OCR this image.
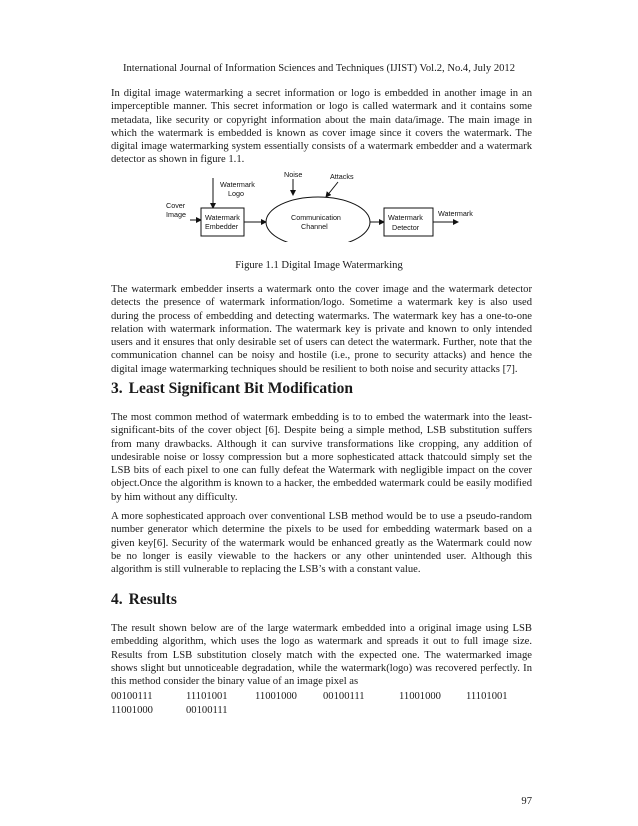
International Journal of Information Sciences and Techniques (IJIST) Vol.2, No.4, July 2012

In digital image watermarking a secret information or logo is embedded in another image in an imperceptible manner. This secret information or logo is called watermark and it contains some metadata, like security or copyright information about the main data/image. The main image in which the watermark is embedded is known as cover image since it covers the watermark. The digital image watermarking system essentially consists of a watermark embedder and a watermark detector as shown in figure 1.1.

Noise	Attacks
Watermark
Logo
Cover
Image	Watermark
Embedder
Communication
Channel
Watermark
Detector
Watermark
Figure 1.1 Digital Image Watermarking

The watermark embedder inserts a watermark onto the cover image and the watermark detector detects the presence of watermark information/logo. Sometime a watermark key is also used during the process of embedding and detecting watermarks. The watermark key has a one-to-one relation with watermark information. The watermark key is private and known to only intended users and it ensures that only desirable set of users can detect the watermark. Further, note that the communication channel can be noisy and hostile (i.e., prone to security attacks) and hence the digital image watermarking techniques should be resilient to both noise and security attacks [7].

3. Least Significant Bit Modification

The most common method of watermark embedding is to to embed the watermark into the least-significant-bits of the cover object [6]. Despite being a simple method, LSB substitution suffers from many drawbacks. Although it can survive transformations like cropping, any addition of undesirable noise or lossy compression but a more sophesticated attack thatcould simply set the LSB bits of each pixel to one can fully defeat the Watermark with negligible impact on the cover object.Once the algorithm is known to a hacker, the embedded watermark could be easily modified by him without any difficulty.

A more sophesticated approach over conventional LSB method would be to use a pseudo-random number generator which determine the pixels to be used for embedding watermark based on a given key[6]. Security of the watermark would be enhanced greatly as the Watermark could now be no longer is easily viewable to the hackers or any other unintended user. Although this algorithm is still vulnerable to replacing the LSB’s with a constant value.

4. Results

The result shown below are of the large watermark embedded into a original image using LSB embedding algorithm, which uses the logo as watermark and spreads it out to full image size. Results from LSB substitution closely match with the expected one. The watermarked image shows slight but unnoticeable degradation, while the watermark(logo) was recovered perfectly. In this method consider the binary value of an image pixel as

00100111	11101001	11001000 00100111	11001000 11101001
11001000	00100111
97
